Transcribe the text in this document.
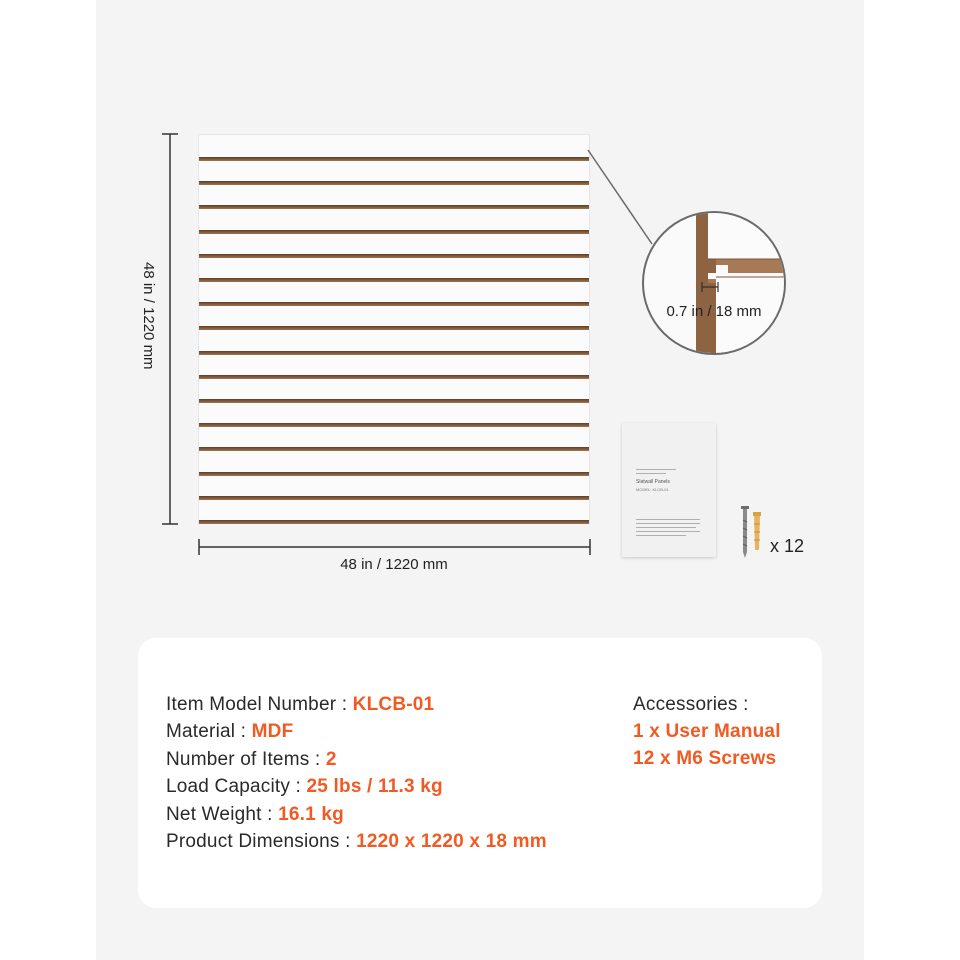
48 in / 1220 mm
48 in / 1220 mm
0.7 in / 18 mm
Slatwall Panels
MODEL: KLCB-01
x 12
Item Model Number : KLCB-01
Material : MDF
Number of Items : 2
Load Capacity : 25 lbs / 11.3 kg
Net Weight : 16.1 kg
Product Dimensions : 1220 x 1220 x 18 mm
Accessories :
1 x User Manual
12 x M6 Screws
